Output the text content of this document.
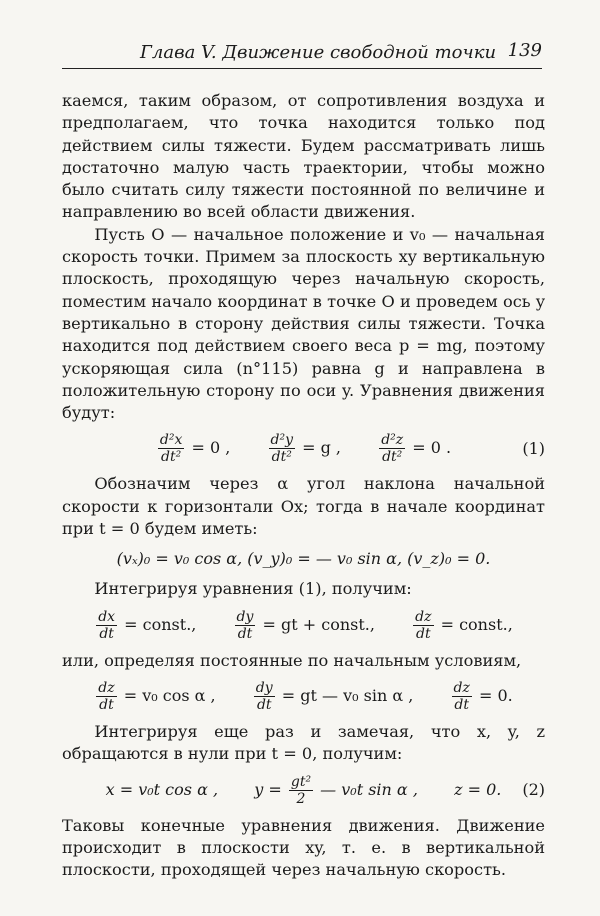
Глава V. Движение свободной точки 139

каемся, таким образом, от сопротивления воздуха и предполагаем, что точка находится только под действием силы тяжести. Будем рассматривать лишь достаточно малую часть траектории, чтобы можно было считать силу тяжести постоянной по величине и направлению во всей области движения.

Пусть O — начальное положение и v₀ — начальная скорость точки. Примем за плоскость xy вертикальную плоскость, проходящую через начальную скорость, поместим начало координат в точке O и проведем ось y вертикально в сторону действия силы тяжести. Точка находится под действием своего веса p = mg, поэтому ускоряющая сила (n°115) равна g и направлена в положительную сторону по оси y. Уравнения движения будут:

$\frac{\text{d²x}}{\text{dt²}} = 0$ ,	$\frac{\text{d²y}}{\text{dt²}} = g$ ,	$\frac{\text{d²z}}{\text{dt²}} = 0$ .	(1)

Обозначим через α угол наклона начальной скорости к горизонтали Ox; тогда в начале координат при t = 0 будем иметь:

(vₓ)₀ = v₀ cos α, (v_y)₀ = — v₀ sin α, (v_z)₀ = 0.

Интегрируя уравнения (1), получим:

$\frac{dx}{dt}$ = const.,	$\frac{dy}{dt}$ = gt + const.,	$\frac{dz}{dt}$ = const.,

или, определяя постоянные по начальным условиям,

$\frac{dz}{dt} = v_0$ cos α ,	$\frac{dy}{dt}$ = gt — v₀ sin α ,	$\frac{dz}{dt} = 0$.

Интегрируя еще раз и замечая, что x, y, z обращаются в нули при t = 0, получим:

x = v₀t cos α , $y = \frac{\text{gt²}}{2}$ — v₀t sin α , z = 0. (2)

Таковы конечные уравнения движения. Движение происходит в плоскости xy, т. е. в вертикальной плоскости, проходящей через начальную скорость.
